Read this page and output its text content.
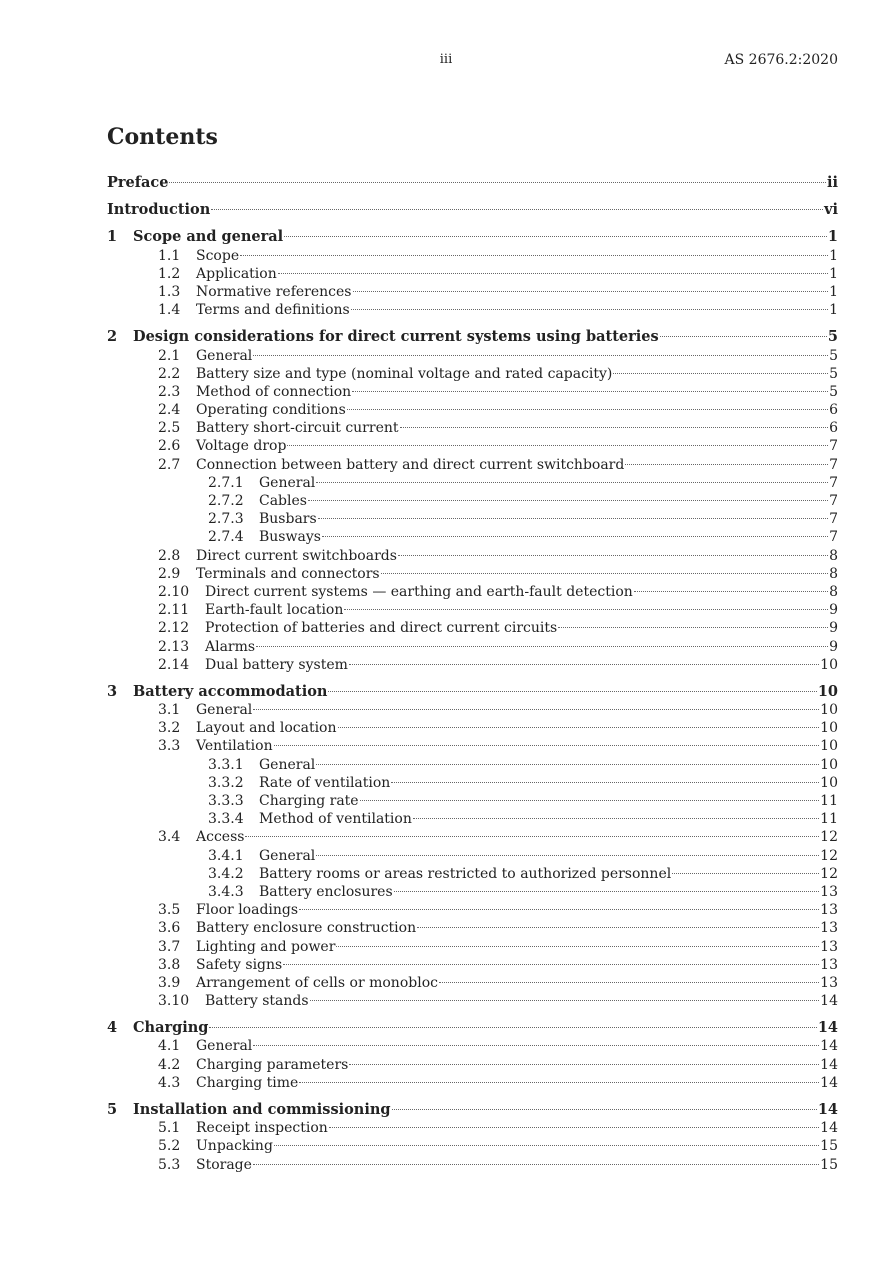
iii	AS 2676.2:2020
Contents
Preface	ii
Introduction	vi
1	Scope and general	1
1.1	Scope	1
1.2	Application	1
1.3	Normative references	1
1.4	Terms and definitions	1
2	Design considerations for direct current systems using batteries	5
2.1	General	5
2.2	Battery size and type (nominal voltage and rated capacity)	5
2.3	Method of connection	5
2.4	Operating conditions	6
2.5	Battery short-circuit current	6
2.6	Voltage drop	7
2.7	Connection between battery and direct current switchboard	7
2.7.1	General	7
2.7.2	Cables	7
2.7.3	Busbars	7
2.7.4	Busways	7
2.8	Direct current switchboards	8
2.9	Terminals and connectors	8
2.10	Direct current systems — earthing and earth-fault detection	8
2.11	Earth-fault location	9
2.12	Protection of batteries and direct current circuits	9
2.13	Alarms	9
2.14	Dual battery system	10
3	Battery accommodation	10
3.1	General	10
3.2	Layout and location	10
3.3	Ventilation	10
3.3.1	General	10
3.3.2	Rate of ventilation	10
3.3.3	Charging rate	11
3.3.4	Method of ventilation	11
3.4	Access	12
3.4.1	General	12
3.4.2	Battery rooms or areas restricted to authorized personnel	12
3.4.3	Battery enclosures	13
3.5	Floor loadings	13
3.6	Battery enclosure construction	13
3.7	Lighting and power	13
3.8	Safety signs	13
3.9	Arrangement of cells or monobloc	13
3.10	Battery stands	14
4	Charging	14
4.1	General	14
4.2	Charging parameters	14
4.3	Charging time	14
5	Installation and commissioning	14
5.1	Receipt inspection	14
5.2	Unpacking	15
5.3	Storage	15
